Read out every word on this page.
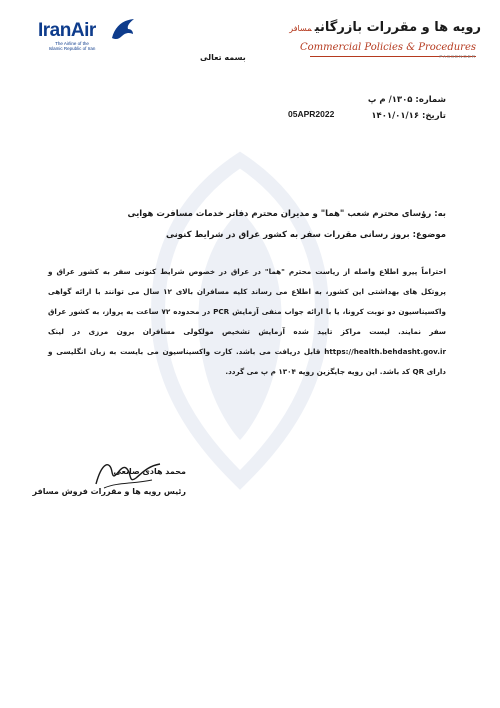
IranAir
The Airline of the
Islamic Republic of Iran
رویه ها و مقررات بازرگانیمسافر
Commercial Policies & Procedures
PASSENGER
بسمه تعالی
شماره: ۱۳۰۵/ م پ
تاریخ: ۱۴۰۱/۰۱/۱۶
05APR2022
به: رؤسای محترم شعب "هما" و مدیران محترم دفاتر خدمات مسافرت هوایی
موضوع: بروز رسانی مقررات سفر به کشور عراق در شرایط کنونی
احتراماً پیرو اطلاع واصله از ریاست محترم "هما" در عراق در خصوص شرایط کنونی سفر به کشور عراق و پروتکل های بهداشتی این کشور، به اطلاع می رساند کلیه مسافران بالای ۱۲ سال می توانند با ارائه گواهی واکسیناسیون دو نوبت کرونا، یا با ارائه جواب منفی آزمایش PCR در محدوده ۷۲ ساعت به پرواز، به کشور عراق سفر نمایند. لیست مراکز تایید شده آزمایش تشخیص مولکولی مسافران برون مرزی در لینک https://health.behdasht.gov.ir قابل دریافت می باشد. کارت واکسیناسیون می بایست به زبان انگلیسی و دارای QR کد باشد. این رویه جایگزین رویه ۱۳۰۴ م پ می گردد.
محمد هادی صانعی
رئیس رویه ها و مقررات فروش مسافر
